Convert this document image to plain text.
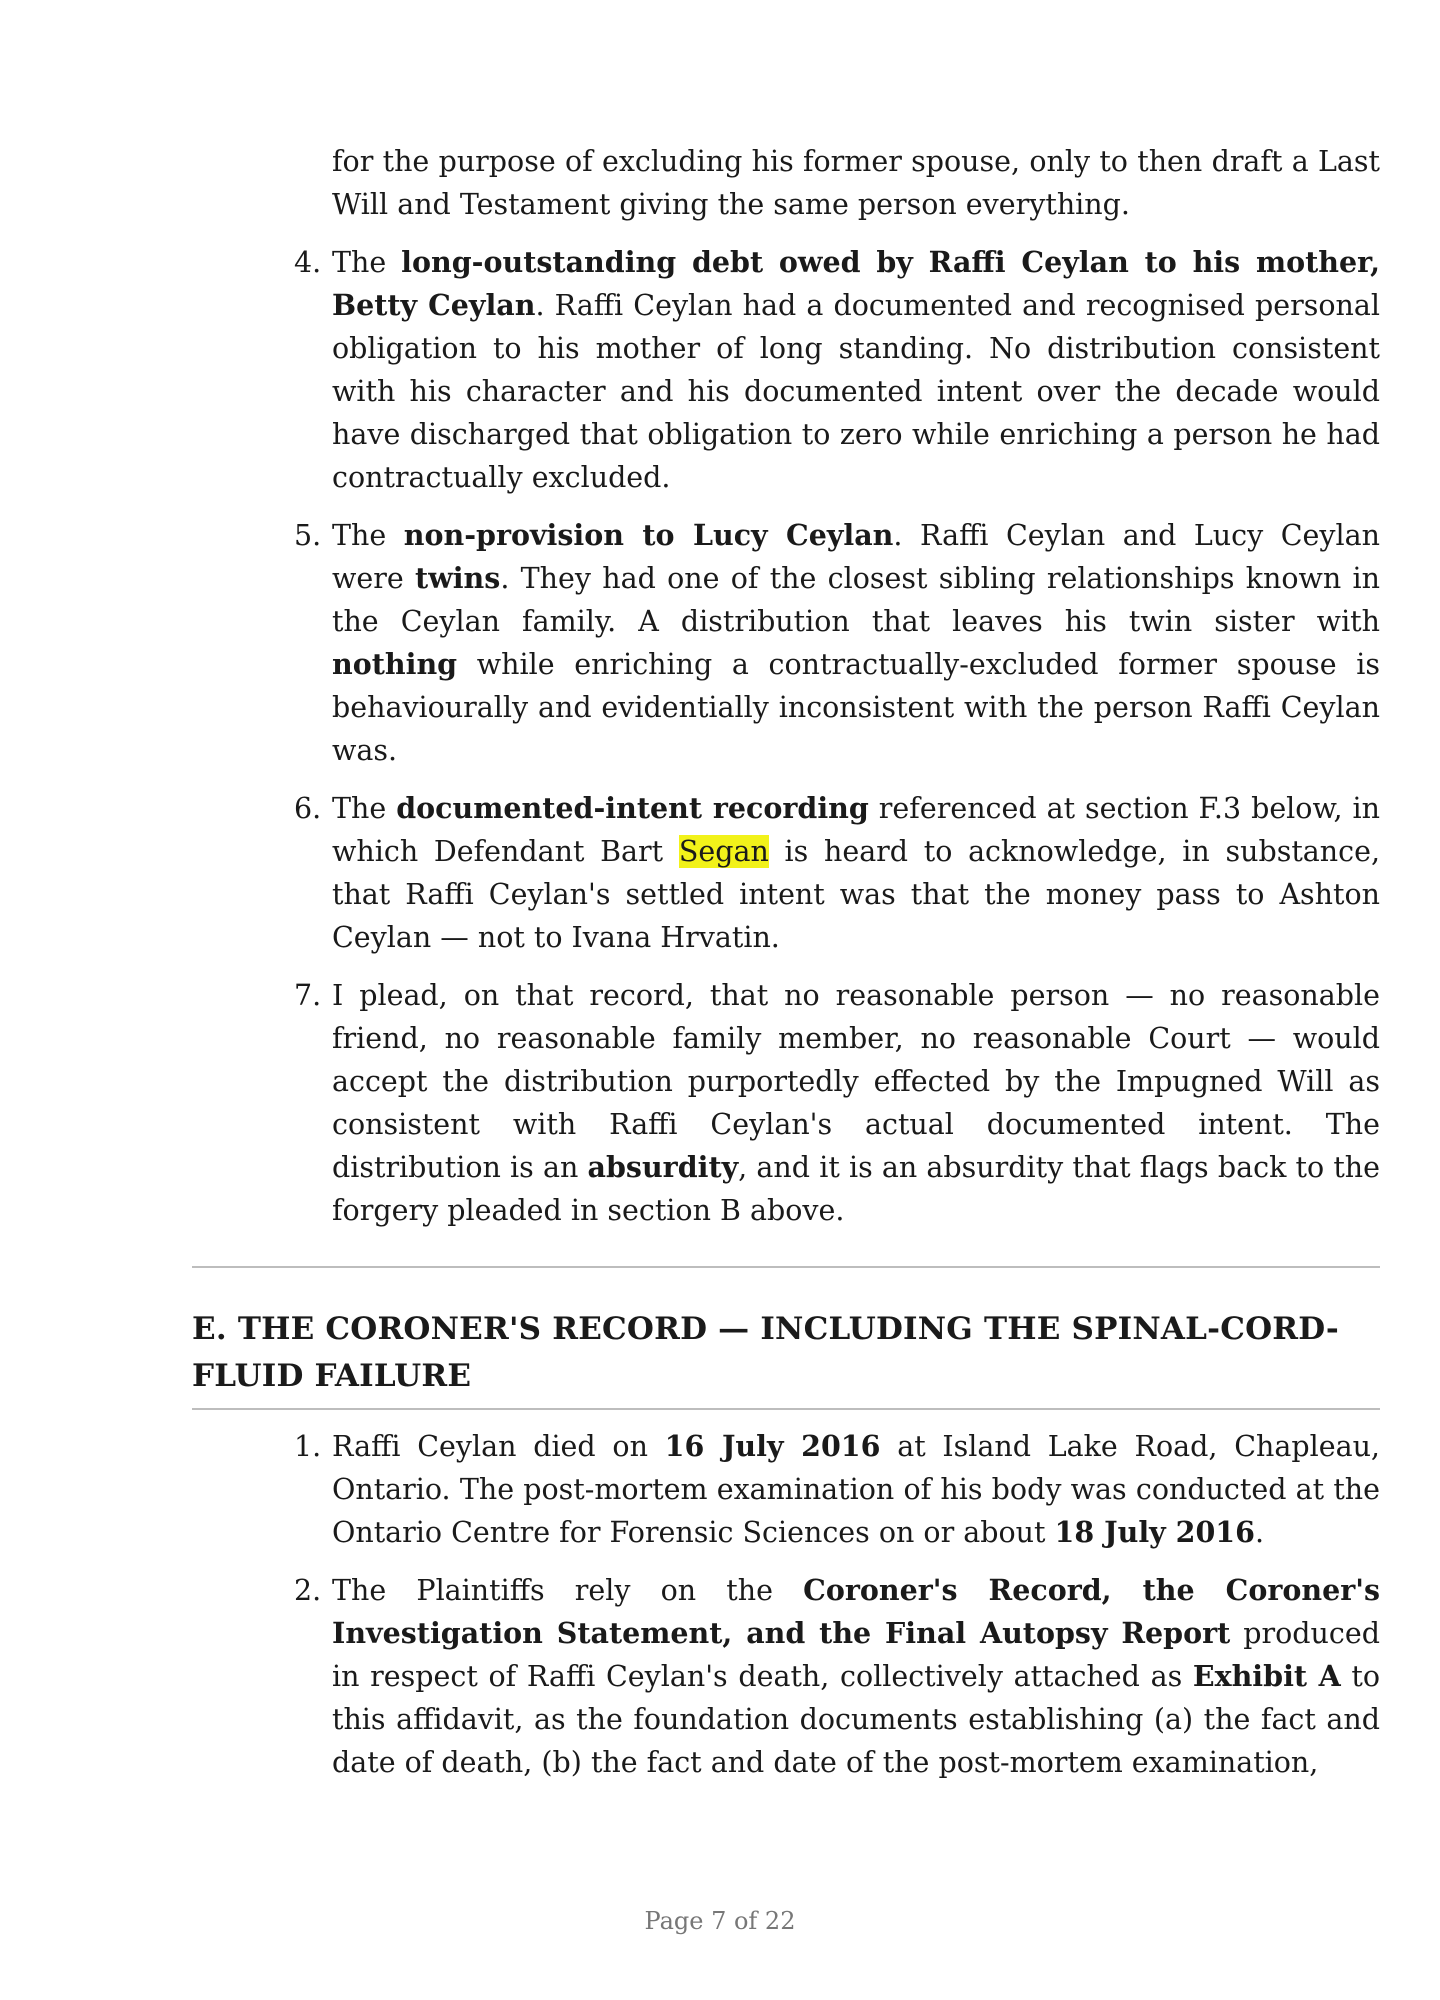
for the purpose of excluding his former spouse, only to then draft a Last Will and Testament giving the same person everything.

4. The long-outstanding debt owed by Raffi Ceylan to his mother, Betty Ceylan. Raffi Ceylan had a documented and recognised personal obligation to his mother of long standing. No distribution consistent with his character and his documented intent over the decade would have discharged that obligation to zero while enriching a person he had contractually excluded.
5. The non-provision to Lucy Ceylan. Raffi Ceylan and Lucy Ceylan were twins. They had one of the closest sibling relationships known in the Ceylan family. A distribution that leaves his twin sister with nothing while enriching a contractually-excluded former spouse is behaviourally and evidentially inconsistent with the person Raffi Ceylan was.
6. The documented-intent recording referenced at section F.3 below, in which Defendant Bart Segan is heard to acknowledge, in substance, that Raffi Ceylan's settled intent was that the money pass to Ashton Ceylan — not to Ivana Hrvatin.
7. I plead, on that record, that no reasonable person — no reasonable friend, no reasonable family member, no reasonable Court — would accept the distribution purportedly effected by the Impugned Will as consistent with Raffi Ceylan's actual documented intent. The distribution is an absurdity, and it is an absurdity that flags back to the forgery pleaded in section B above.
E. THE CORONER'S RECORD — INCLUDING THE SPINAL-CORD-FLUID FAILURE
1. Raffi Ceylan died on 16 July 2016 at Island Lake Road, Chapleau, Ontario. The post-mortem examination of his body was conducted at the Ontario Centre for Forensic Sciences on or about 18 July 2016.
2. The Plaintiffs rely on the Coroner's Record, the Coroner's Investigation Statement, and the Final Autopsy Report produced in respect of Raffi Ceylan's death, collectively attached as Exhibit A to this affidavit, as the foundation documents establishing (a) the fact and date of death, (b) the fact and date of the post-mortem examination,
Page 7 of 22
